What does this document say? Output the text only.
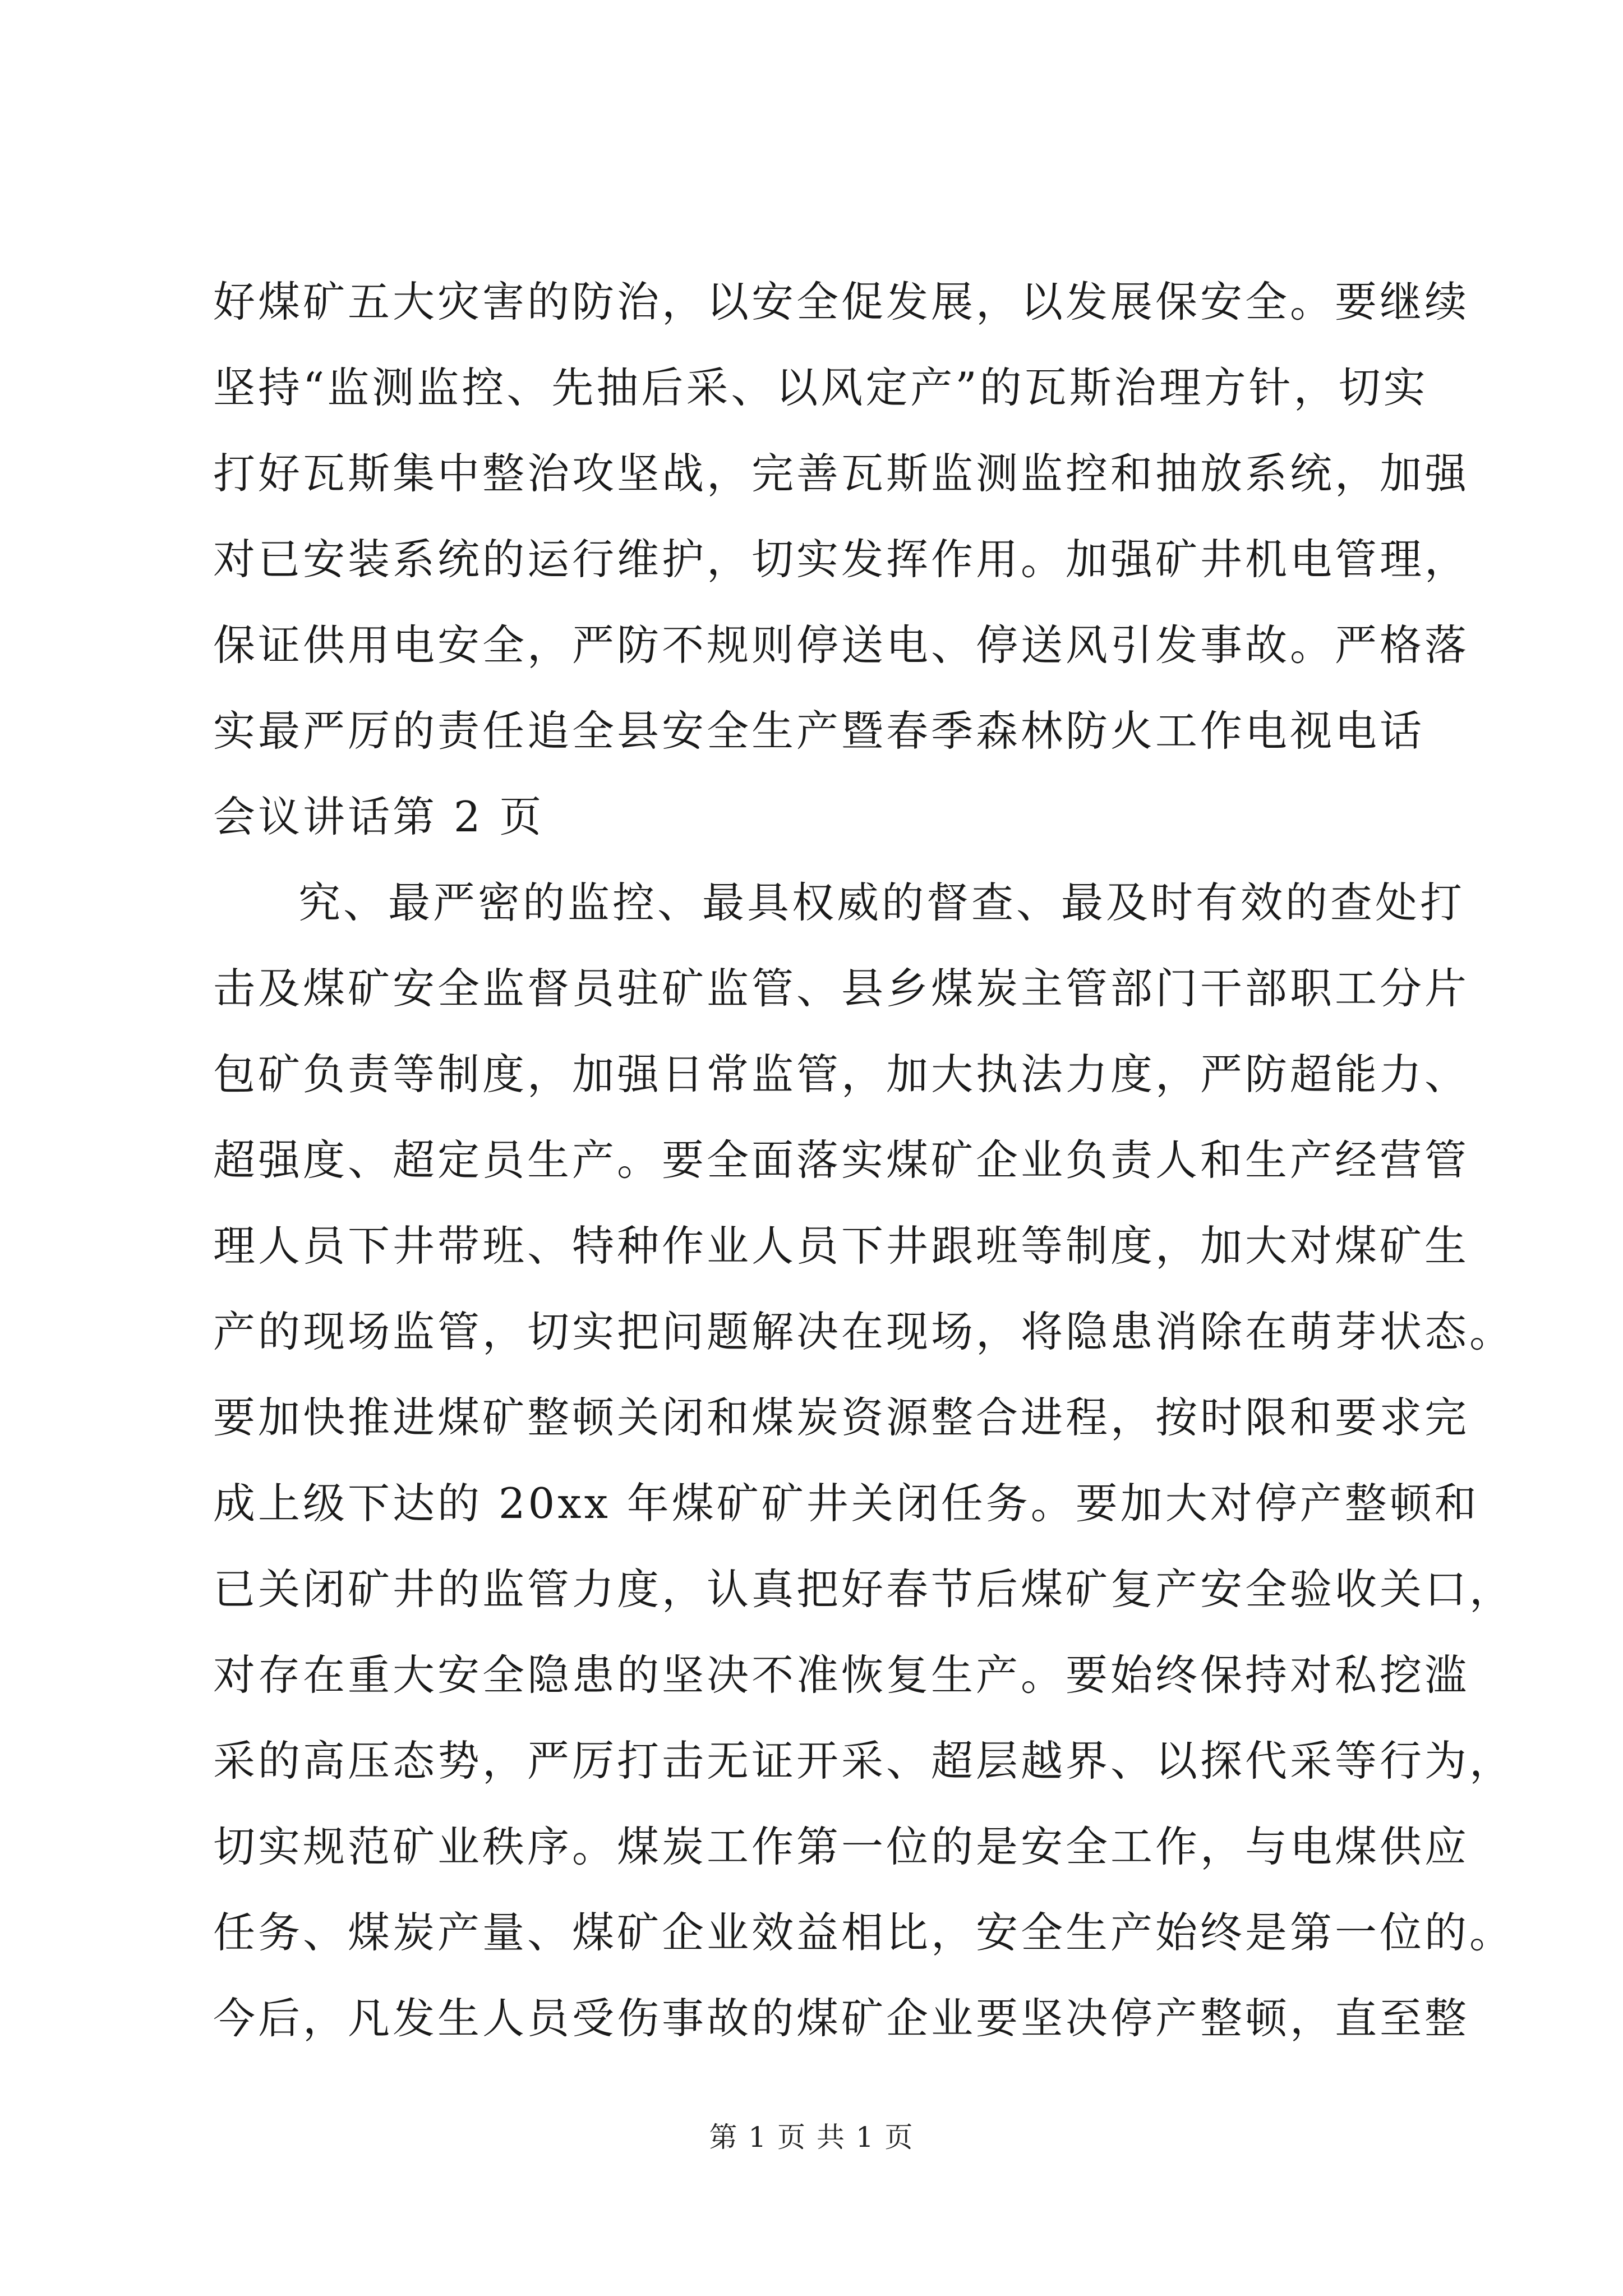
好煤矿五大灾害的防治，以安全促发展，以发展保安全。要继续
坚持“监测监控、先抽后采、以风定产”的瓦斯治理方针，切实
打好瓦斯集中整治攻坚战，完善瓦斯监测监控和抽放系统，加强
对已安装系统的运行维护，切实发挥作用。加强矿井机电管理，
保证供用电安全，严防不规则停送电、停送风引发事故。严格落
实最严厉的责任追全县安全生产暨春季森林防火工作电视电话
会议讲话第 2 页
究、最严密的监控、最具权威的督查、最及时有效的查处打
击及煤矿安全监督员驻矿监管、县乡煤炭主管部门干部职工分片
包矿负责等制度，加强日常监管，加大执法力度，严防超能力、
超强度、超定员生产。要全面落实煤矿企业负责人和生产经营管
理人员下井带班、特种作业人员下井跟班等制度，加大对煤矿生
产的现场监管，切实把问题解决在现场，将隐患消除在萌芽状态。
要加快推进煤矿整顿关闭和煤炭资源整合进程，按时限和要求完
成上级下达的 20xx 年煤矿矿井关闭任务。要加大对停产整顿和
已关闭矿井的监管力度，认真把好春节后煤矿复产安全验收关口，
对存在重大安全隐患的坚决不准恢复生产。要始终保持对私挖滥
采的高压态势，严厉打击无证开采、超层越界、以探代采等行为，
切实规范矿业秩序。煤炭工作第一位的是安全工作，与电煤供应
任务、煤炭产量、煤矿企业效益相比，安全生产始终是第一位的。
今后，凡发生人员受伤事故的煤矿企业要坚决停产整顿，直至整
第 1 页 共 1 页
